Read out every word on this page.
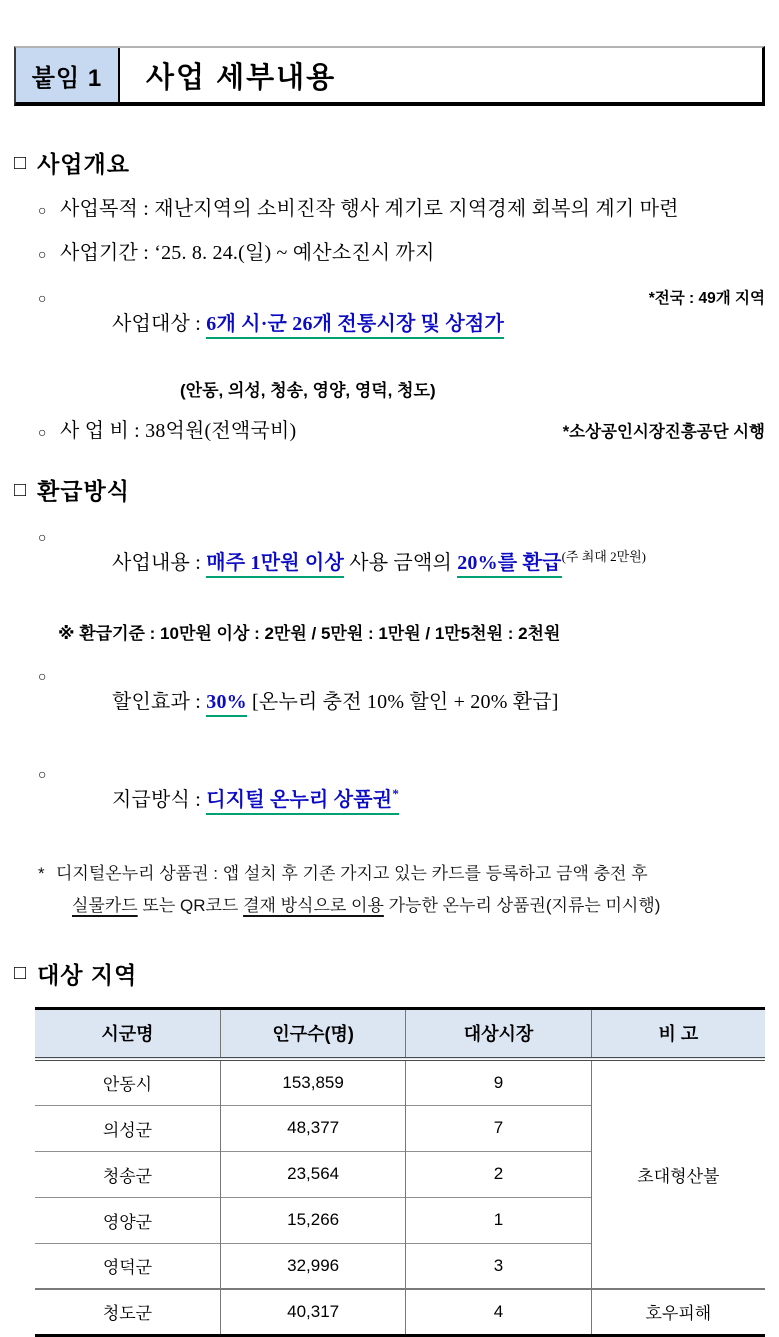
붙임 1	사업 세부내용
□ 사업개요
○ 사업목적 : 재난지역의 소비진작 행사 계기로 지역경제 회복의 계기 마련
○ 사업기간 : ‘25. 8. 24.(일) ~ 예산소진시 까지
○

사업대상 : 6개 시·군 26개 전통시장 및 상점가

*전국 : 49개 지역
(안동, 의성, 청송, 영양, 영덕, 청도)
○ 사 업 비 : 38억원(전액국비)	*소상공인시장진흥공단 시행
□ 환급방식
○

사업내용 : 매주 1만원 이상 사용 금액의 20%를 환급$^{(주 최대 2만원)}$

※ 환급기준 : 10만원 이상 : 2만원 / 5만원 : 1만원 / 1만5천원 : 2천원
○

할인효과 : 30% [온누리 충전 10% 할인 + 20% 환급]

○

지급방식 : 디지털 온누리 상품권*

* 디지털온누리 상품권 : 앱 설치 후 기존 가지고 있는 카드를 등록하고 금액 충전 후
실물카드 또는 QR코드 결재 방식으로 이용 가능한 온누리 상품권(지류는 미시행)
□ 대상 지역
시군명	인구수(명)	대상시장	비 고
안동시	153,859	9	초대형산불
의성군	48,377	7	
청송군	23,564	2	
영양군	15,266	1	
영덕군	32,996	3	
청도군	40,317	4	호우피해
